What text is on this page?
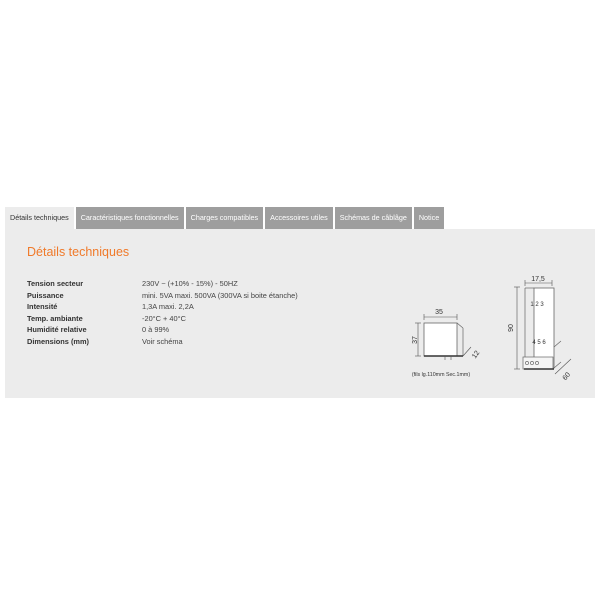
Détails techniques	Caractéristiques fonctionnelles	Charges compatibles	Accessoires utiles	Schémas de câblâge	Notice
Détails techniques
Tension secteur	230V ~ (+10% - 15%) - 50HZ
Puissance	mini. 5VA maxi. 500VA (300VA si boite étanche)
Intensité	1,3A maxi. 2,2A
Temp. ambiante	-20°C + 40°C
Humidité relative	0 à 99%
Dimensions (mm)	Voir schéma
35
37
12
(fils lg.110mm Sec.1mm)
17,5
90
1 2 3
4 5 6
60
